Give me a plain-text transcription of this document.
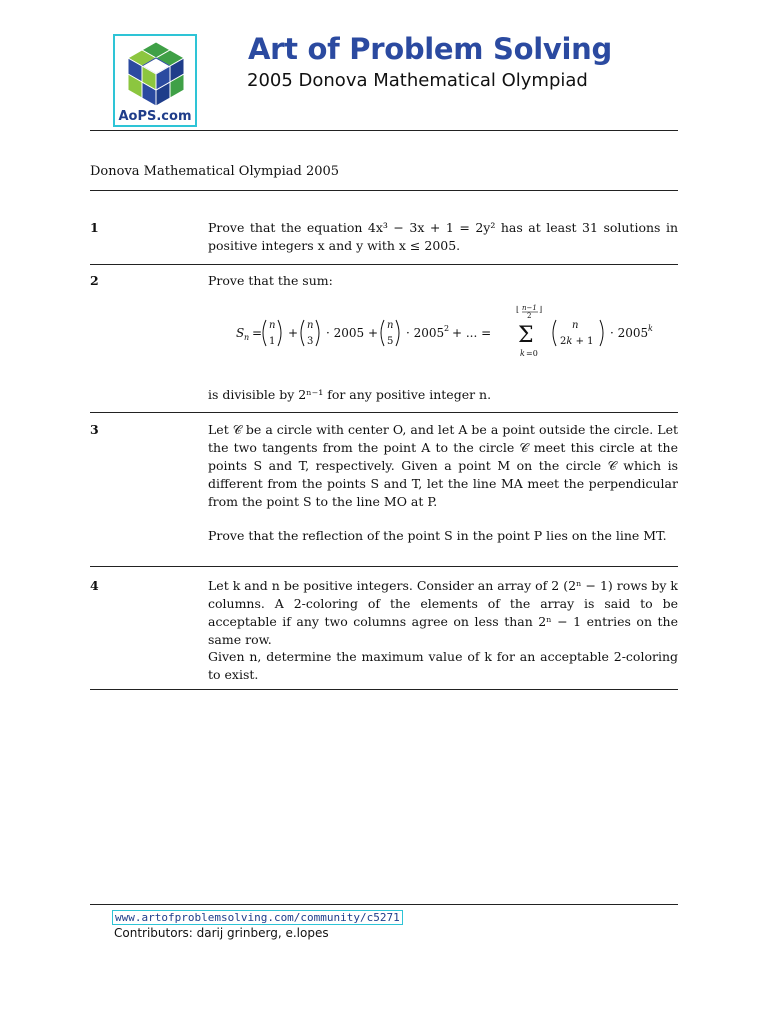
AoPS.com
Art of Problem Solving
2005 Donova Mathematical Olympiad
Donova Mathematical Olympiad 2005
1	Prove that the equation 4x³ − 3x + 1 = 2y² has at least 31 solutions in positive integers x and y with x ≤ 2005.
2	Prove that the sum:
S n =
n
1
+
n
3
· 2005 +
n
5
· 2005 2 + ... =
⌊ n−1
2
⌋
Σ
k =0
n
2k + 1
· 2005 k
is divisible by 2ⁿ⁻¹ for any positive integer n.
3	Let 𝒞 be a circle with center O, and let A be a point outside the circle. Let the two tangents from the point A to the circle 𝒞 meet this circle at the points S and T, respectively. Given a point M on the circle 𝒞 which is different from the points S and T, let the line MA meet the perpendicular from the point S to the line MO at P.
Prove that the reflection of the point S in the point P lies on the line MT.
4	Let k and n be positive integers. Consider an array of 2 (2ⁿ − 1) rows by k columns. A 2-coloring of the elements of the array is said to be acceptable if any two columns agree on less than 2ⁿ − 1 entries on the same row.
Given n, determine the maximum value of k for an acceptable 2-coloring to exist.
www.artofproblemsolving.com/community/c5271
Contributors: darij grinberg, e.lopes
